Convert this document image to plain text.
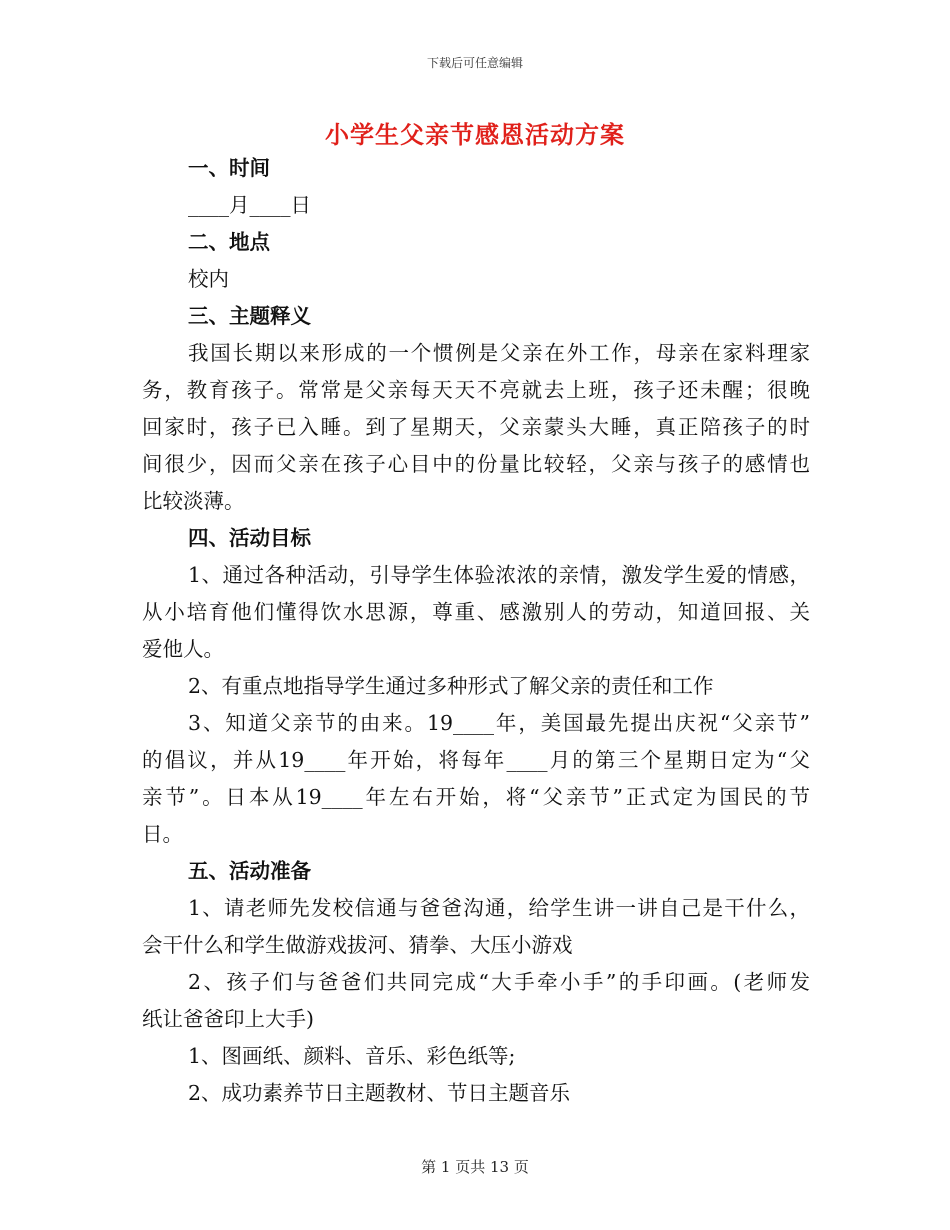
下载后可任意编辑
小学生父亲节感恩活动方案
一、时间
____月____日
二、地点
校内
三、主题释义
我国长期以来形成的一个惯例是父亲在外工作，母亲在家料理家
务，教育孩子。常常是父亲每天天不亮就去上班，孩子还未醒；很晚
回家时，孩子已入睡。到了星期天，父亲蒙头大睡，真正陪孩子的时
间很少，因而父亲在孩子心目中的份量比较轻，父亲与孩子的感情也
比较淡薄。
四、活动目标
1、通过各种活动，引导学生体验浓浓的亲情，激发学生爱的情感，
从小培育他们懂得饮水思源，尊重、感激别人的劳动，知道回报、关
爱他人。
2、有重点地指导学生通过多种形式了解父亲的责任和工作
3、知道父亲节的由来。19____年，美国最先提出庆祝“父亲节”
的倡议，并从19____年开始，将每年____月的第三个星期日定为“父
亲节”。日本从19____年左右开始，将“父亲节”正式定为国民的节
日。
五、活动准备
1、请老师先发校信通与爸爸沟通，给学生讲一讲自己是干什么，
会干什么和学生做游戏拔河、猜拳、大压小游戏
2、孩子们与爸爸们共同完成“大手牵小手”的手印画。(老师发
纸让爸爸印上大手)
1、图画纸、颜料、音乐、彩色纸等;
2、成功素养节日主题教材、节日主题音乐
第 1 页共 13 页
